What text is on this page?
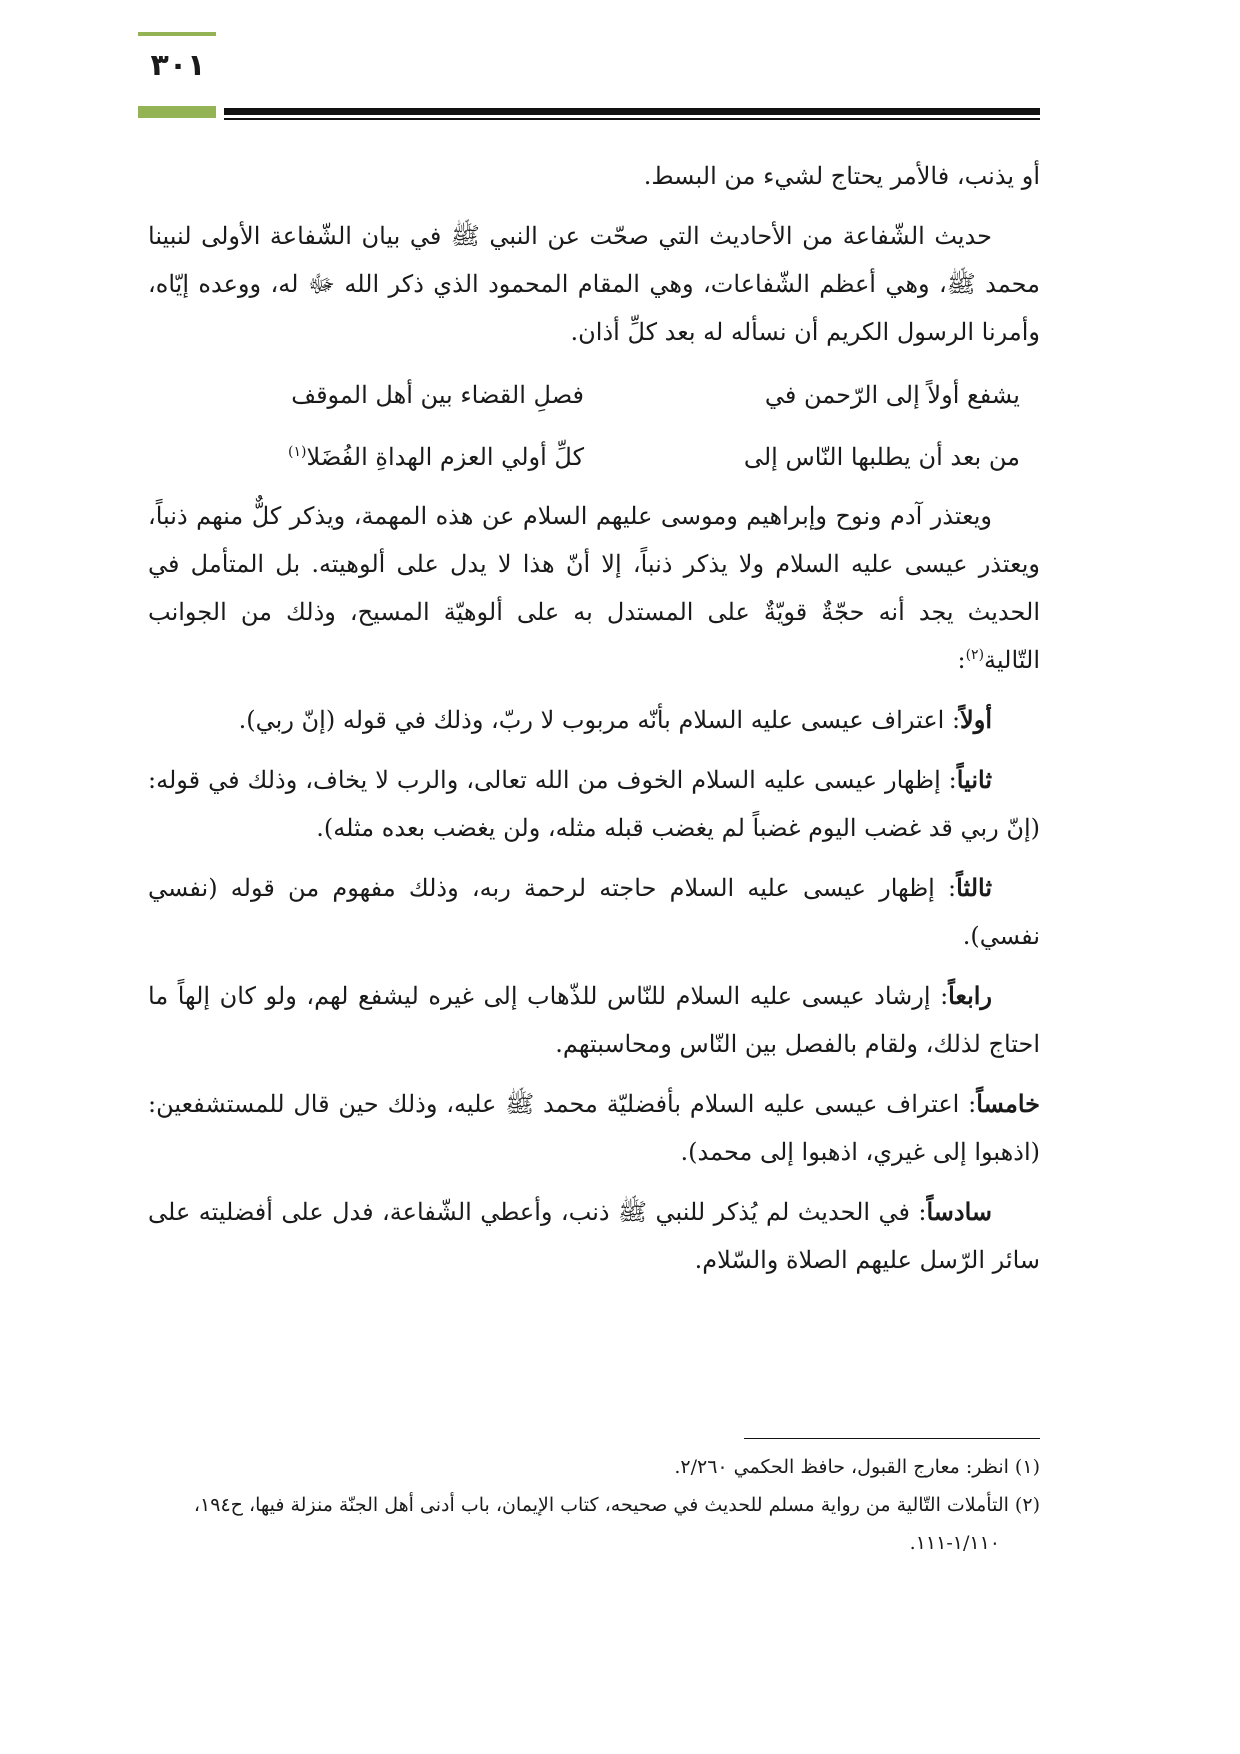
٣٠١

أو يذنب، فالأمر يحتاج لشيء من البسط.

حديث الشّفاعة من الأحاديث التي صحّت عن النبي ﷺ في بيان الشّفاعة الأولى لنبينا محمد ﷺ، وهي أعظم الشّفاعات، وهي المقام المحمود الذي ذكر الله ﷻ له، ووعده إيّاه، وأمرنا الرسول الكريم أن نسأله له بعد كلِّ أذان.

يشفع أولاً إلى الرّحمن في
فصلِ القضاء بين أهل الموقف
من بعد أن يطلبها النّاس إلى
كلِّ أولي العزم الهداةِ الفُضَلا$^{(١)}$

ويعتذر آدم ونوح وإبراهيم وموسى عليهم السلام عن هذه المهمة، ويذكر كلٌّ منهم ذنباً، ويعتذر عيسى عليه السلام ولا يذكر ذنباً، إلا أنّ هذا لا يدل على ألوهيته. بل المتأمل في الحديث يجد أنه حجّةٌ قويّةٌ على المستدل به على ألوهيّة المسيح، وذلك من الجوانب التّالية$^{(٢)}$:

أولاً: اعتراف عيسى عليه السلام بأنّه مربوب لا ربّ، وذلك في قوله (إنّ ربي).

ثانياً: إظهار عيسى عليه السلام الخوف من الله تعالى، والرب لا يخاف، وذلك في قوله: (إنّ ربي قد غضب اليوم غضباً لم يغضب قبله مثله، ولن يغضب بعده مثله).

ثالثاً: إظهار عيسى عليه السلام حاجته لرحمة ربه، وذلك مفهوم من قوله (نفسي نفسي).

رابعاً: إرشاد عيسى عليه السلام للنّاس للذّهاب إلى غيره ليشفع لهم، ولو كان إلهاً ما احتاج لذلك، ولقام بالفصل بين النّاس ومحاسبتهم.

خامساً: اعتراف عيسى عليه السلام بأفضليّة محمد ﷺ عليه، وذلك حين قال للمستشفعين: (اذهبوا إلى غيري، اذهبوا إلى محمد).

سادساً: في الحديث لم يُذكر للنبي ﷺ ذنب، وأعطي الشّفاعة، فدل على أفضليته على سائر الرّسل عليهم الصلاة والسّلام.

(١) انظر: معارج القبول، حافظ الحكمي ٢/٢٦٠.

(٢) التأملات التّالية من رواية مسلم للحديث في صحيحه، كتاب الإيمان، باب أدنى أهل الجنّة منزلة فيها، ح١٩٤،

١/١١٠-١١١.
